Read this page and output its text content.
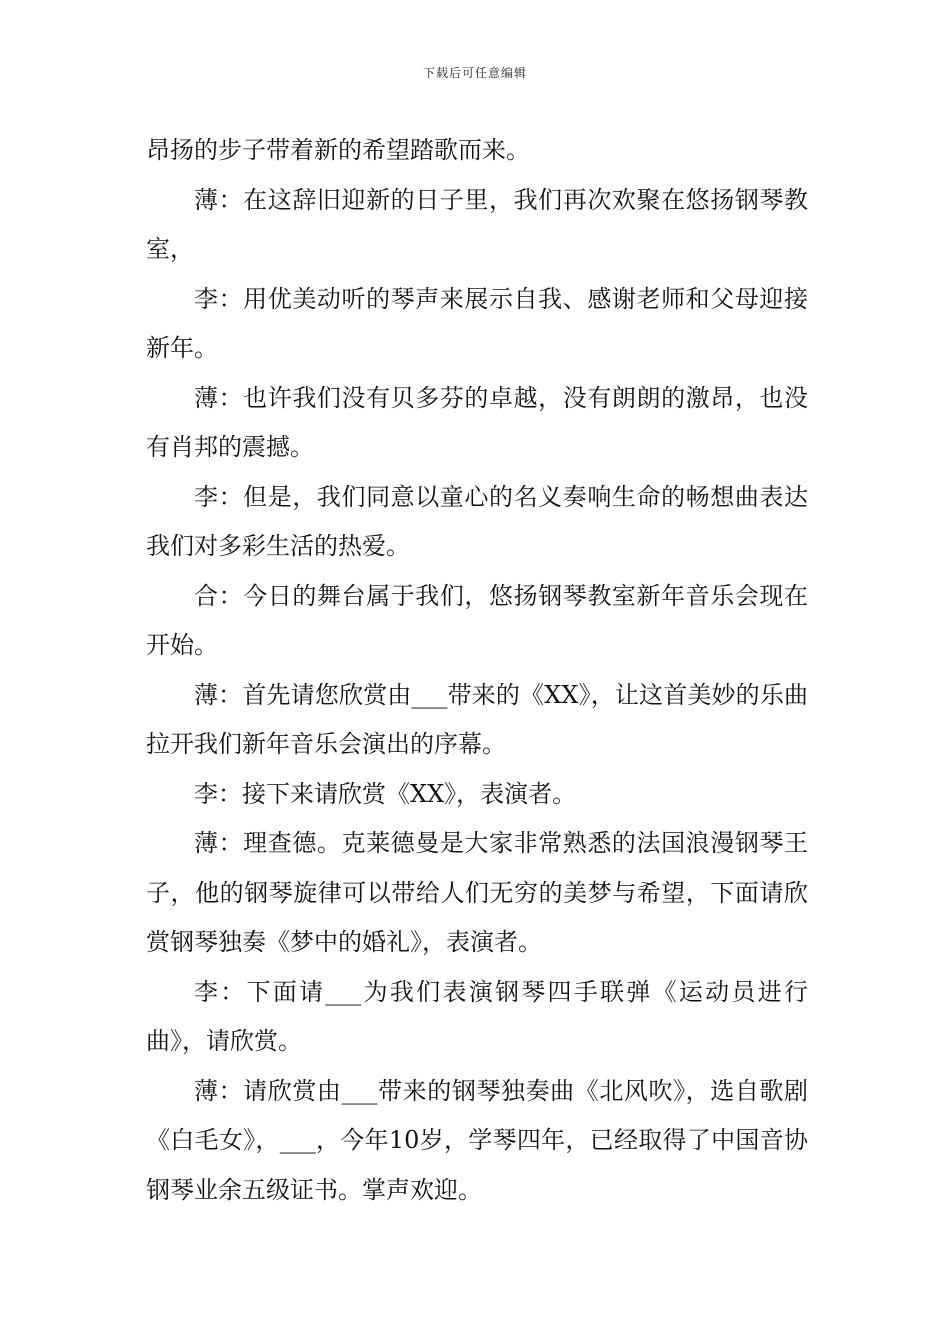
下载后可任意编辑

昂扬的步子带着新的希望踏歌而来。

薄：在这辞旧迎新的日子里，我们再次欢聚在悠扬钢琴教室，

李：用优美动听的琴声来展示自我、感谢老师和父母迎接新年。

薄：也许我们没有贝多芬的卓越，没有朗朗的激昂，也没有肖邦的震撼。

李：但是，我们同意以童心的名义奏响生命的畅想曲表达我们对多彩生活的热爱。

合：今日的舞台属于我们，悠扬钢琴教室新年音乐会现在开始。

薄：首先请您欣赏由___带来的《XX》，让这首美妙的乐曲拉开我们新年音乐会演出的序幕。

李：接下来请欣赏《XX》，表演者。

薄：理查德。克莱德曼是大家非常熟悉的法国浪漫钢琴王子，他的钢琴旋律可以带给人们无穷的美梦与希望，下面请欣赏钢琴独奏《梦中的婚礼》，表演者。

李：下面请___为我们表演钢琴四手联弹《运动员进行曲》，请欣赏。

薄：请欣赏由___带来的钢琴独奏曲《北风吹》，选自歌剧《白毛女》，___，今年10岁，学琴四年，已经取得了中国音协钢琴业余五级证书。掌声欢迎。
